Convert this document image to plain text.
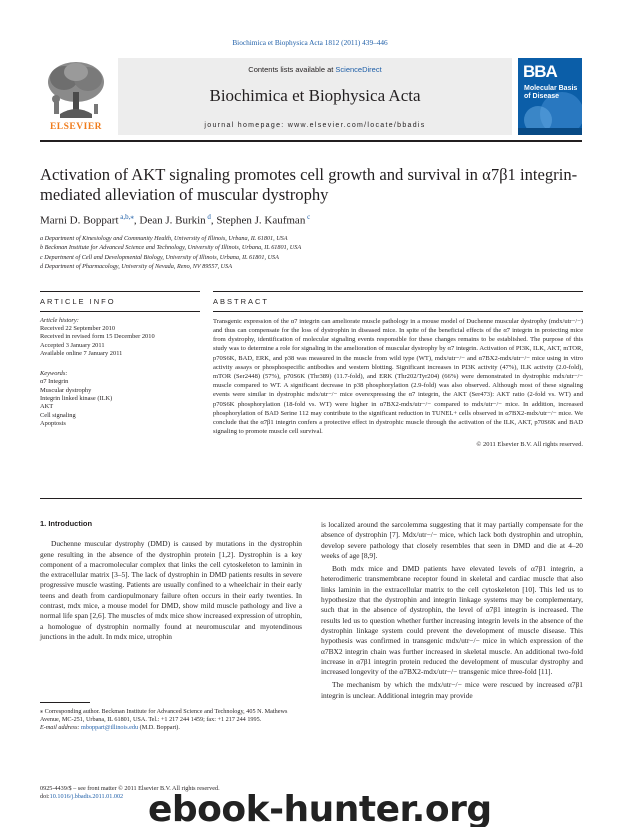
Biochimica et Biophysica Acta 1812 (2011) 439–446
ELSEVIER
Contents lists available at ScienceDirect
Biochimica et Biophysica Acta
journal homepage: www.elsevier.com/locate/bbadis
BBA
Molecular Basis of Disease
Activation of AKT signaling promotes cell growth and survival in α7β1 integrin-mediated alleviation of muscular dystrophy
Marni D. Boppart $^{a,b,⁎}$, Dean J. Burkin $^d$, Stephen J. Kaufman $^c$
a Department of Kinesiology and Community Health, University of Illinois, Urbana, IL 61801, USA
b Beckman Institute for Advanced Science and Technology, University of Illinois, Urbana, IL 61801, USA
c Department of Cell and Developmental Biology, University of Illinois, Urbana, IL 61801, USA
d Department of Pharmacology, University of Nevada, Reno, NV 89557, USA
ARTICLE INFO
Article history:
Received 22 September 2010
Received in revised form 15 December 2010
Accepted 3 January 2011
Available online 7 January 2011
Keywords:
α7 Integrin
Muscular dystrophy
Integrin linked kinase (ILK)
AKT
Cell signaling
Apoptosis
ABSTRACT
Transgenic expression of the α7 integrin can ameliorate muscle pathology in a mouse model of Duchenne muscular dystrophy (mdx/utr−/−) and thus can compensate for the loss of dystrophin in diseased mice. In spite of the beneficial effects of the α7 integrin in protecting mice from dystrophy, identification of molecular signaling events responsible for these changes remains to be established. The purpose of this study was to determine a role for signaling in the amelioration of muscular dystrophy by α7 integrin. Activation of PI3K, ILK, AKT, mTOR, p70S6K, BAD, ERK, and p38 was measured in the muscle from wild type (WT), mdx/utr−/− and α7BX2-mdx/utr−/− mice using in vitro activity assays or phosphospecific antibodies and western blotting. Significant increases in PI3K activity (47%), ILK activity (2.0-fold), mTOR (Ser2448) (57%), p70S6K (Thr389) (11.7-fold), and ERK (Thr202/Tyr204) (66%) were demonstrated in dystrophic mdx/utr−/− muscle compared to WT. A significant decrease in p38 phosphorylation (2.9-fold) was also observed. Although most of these signaling events were similar in dystrophic mdx/utr−/− mice overexpressing the α7 integrin, the AKT (Ser473): AKT ratio (2-fold vs. WT) and p70S6K phosphorylation (18-fold vs. WT) were higher in α7BX2-mdx/utr−/− compared to mdx/utr−/− mice. In addition, increased phosphorylation of BAD Serine 112 may contribute to the significant reduction in TUNEL+ cells observed in α7BX2-mdx/utr−/− mice. We conclude that the α7β1 integrin confers a protective effect in dystrophic muscle through the activation of the ILK, AKT, p70S6K and BAD signaling to promote muscle cell survival.
© 2011 Elsevier B.V. All rights reserved.
1. Introduction

Duchenne muscular dystrophy (DMD) is caused by mutations in the dystrophin gene resulting in the absence of the dystrophin protein [1,2]. Dystrophin is a key component of a macromolecular complex that links the cell cytoskeleton to laminin in the extracellular matrix [3–5]. The lack of dystrophin in DMD patients results in severe progressive muscle wasting. Patients are usually confined to a wheelchair in their early teens and death from cardiopulmonary failure often occurs in their early twenties. In contrast, mdx mice, a mouse model for DMD, show mild muscle pathology and live a normal life span [2,6]. The muscles of mdx mice show increased expression of utrophin, a homologue of dystrophin normally found at neuromuscular and myotendinous junctions in the adult. In mdx mice, utrophin

is localized around the sarcolemma suggesting that it may partially compensate for the absence of dystrophin [7]. Mdx/utr−/− mice, which lack both dystrophin and utrophin, develop severe pathology that closely resembles that seen in DMD and die at 4–20 weeks of age [8,9].

Both mdx mice and DMD patients have elevated levels of α7β1 integrin, a heterodimeric transmembrane receptor found in skeletal and cardiac muscle that also links laminin in the extracellular matrix to the cell cytoskeleton [10]. This led us to hypothesize that the dystrophin and integrin linkage systems may be complementary, such that in the absence of dystrophin, the level of α7β1 integrin is increased. The results led us to question whether further increasing integrin levels in the absence of the dystrophin linkage system could prevent the development of muscle disease. This hypothesis was confirmed in transgenic mdx/utr−/− mice in which expression of the α7BX2 integrin chain was further increased in skeletal muscle. An additional two-fold increase in α7β1 integrin protein reduced the development of muscular dystrophy and increased longevity of the α7BX2-mdx/utr−/− transgenic mice three-fold [11].

The mechanism by which the mdx/utr−/− mice were rescued by increased α7β1 integrin is unclear. Additional integrin may provide

⁎ Corresponding author. Beckman Institute for Advanced Science and Technology, 405 N. Mathews Avenue, MC-251, Urbana, IL 61801, USA. Tel.: +1 217 244 1459; fax: +1 217 244 1995.
E-mail address: mboppart@illinois.edu (M.D. Boppart).
0925-4439/$ – see front matter © 2011 Elsevier B.V. All rights reserved.
doi:10.1016/j.bbadis.2011.01.002 ebook-hunter.org
